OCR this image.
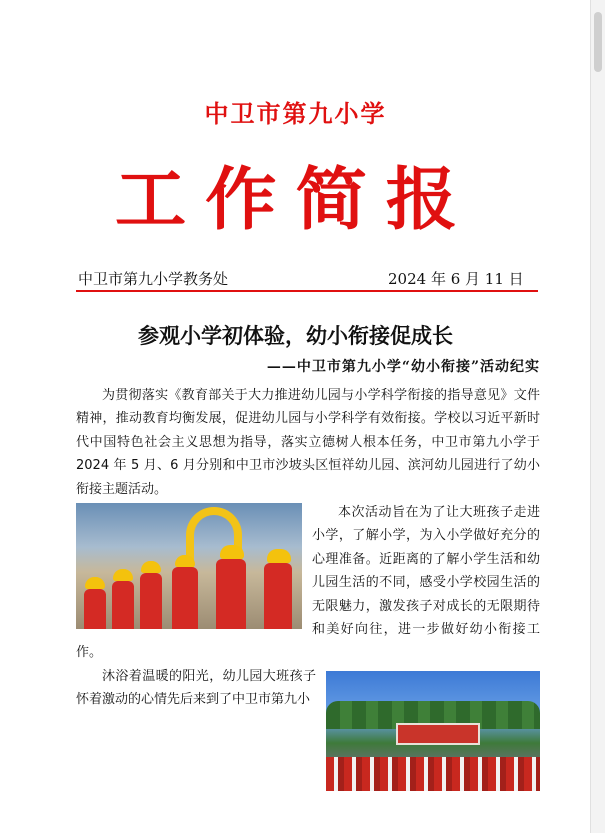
中卫市第九小学
工作简报
中卫市第九小学教务处	2024 年 6 月 11 日
参观小学初体验，幼小衔接促成长
——中卫市第九小学“幼小衔接”活动纪实

为贯彻落实《教育部关于大力推进幼儿园与小学科学衔接的指导意见》文件精神，推动教育均衡发展，促进幼儿园与小学科学有效衔接。学校以习近平新时代中国特色社会主义思想为指导，落实立德树人根本任务，中卫市第九小学于 2024 年 5 月、6 月分别和中卫市沙坡头区恒祥幼儿园、滨河幼儿园进行了幼小衔接主题活动。

本次活动旨在为了让大班孩子走进小学，了解小学，为入小学做好充分的心理准备。近距离的了解小学生活和幼儿园生活的不同，感受小学校园生活的无限魅力，激发孩子对成长的无限期待和美好向往，进一步做好幼小衔接工作。

沐浴着温暖的阳光，幼儿园大班孩子怀着激动的心情先后来到了中卫市第九小
